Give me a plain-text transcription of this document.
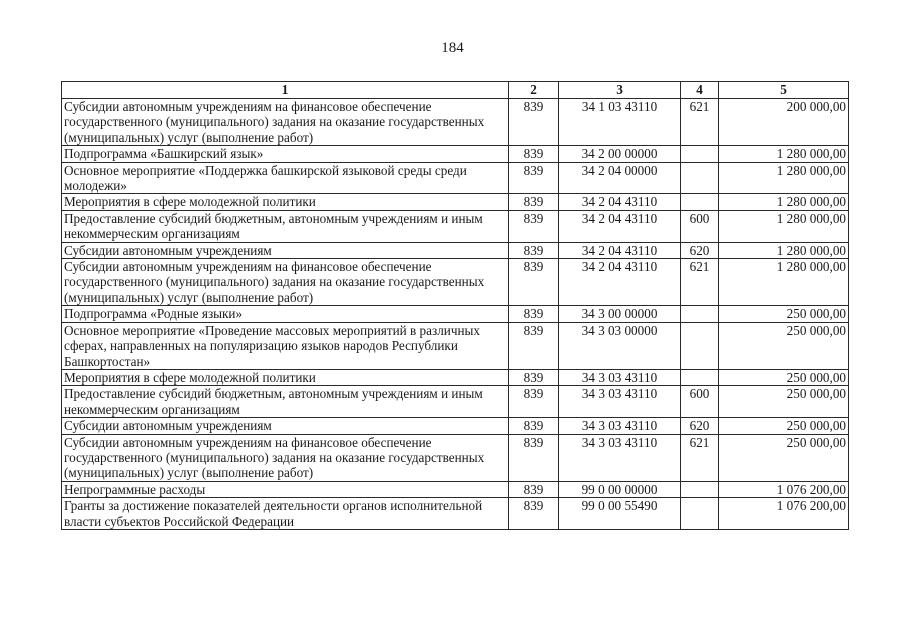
184
1	2	3	4	5
Субсидии автономным учреждениям на финансовое обеспечение государственного (муниципального) задания на оказание государственных (муниципальных) услуг (выполнение работ)	839	34 1 03 43110	621	200 000,00
Подпрограмма «Башкирский язык»	839	34 2 00 00000		1 280 000,00
Основное мероприятие «Поддержка башкирской языковой среды среди молодежи»	839	34 2 04 00000		1 280 000,00
Мероприятия в сфере молодежной политики	839	34 2 04 43110		1 280 000,00
Предоставление субсидий бюджетным, автономным учреждениям и иным некоммерческим организациям	839	34 2 04 43110	600	1 280 000,00
Субсидии автономным учреждениям	839	34 2 04 43110	620	1 280 000,00
Субсидии автономным учреждениям на финансовое обеспечение государственного (муниципального) задания на оказание государственных (муниципальных) услуг (выполнение работ)	839	34 2 04 43110	621	1 280 000,00
Подпрограмма «Родные языки»	839	34 3 00 00000		250 000,00
Основное мероприятие «Проведение массовых мероприятий в различных сферах, направленных на популяризацию языков народов Республики Башкортостан»	839	34 3 03 00000		250 000,00
Мероприятия в сфере молодежной политики	839	34 3 03 43110		250 000,00
Предоставление субсидий бюджетным, автономным учреждениям и иным некоммерческим организациям	839	34 3 03 43110	600	250 000,00
Субсидии автономным учреждениям	839	34 3 03 43110	620	250 000,00
Субсидии автономным учреждениям на финансовое обеспечение государственного (муниципального) задания на оказание государственных (муниципальных) услуг (выполнение работ)	839	34 3 03 43110	621	250 000,00
Непрограммные расходы	839	99 0 00 00000		1 076 200,00
Гранты за достижение показателей деятельности органов исполнительной власти субъектов Российской Федерации	839	99 0 00 55490		1 076 200,00
